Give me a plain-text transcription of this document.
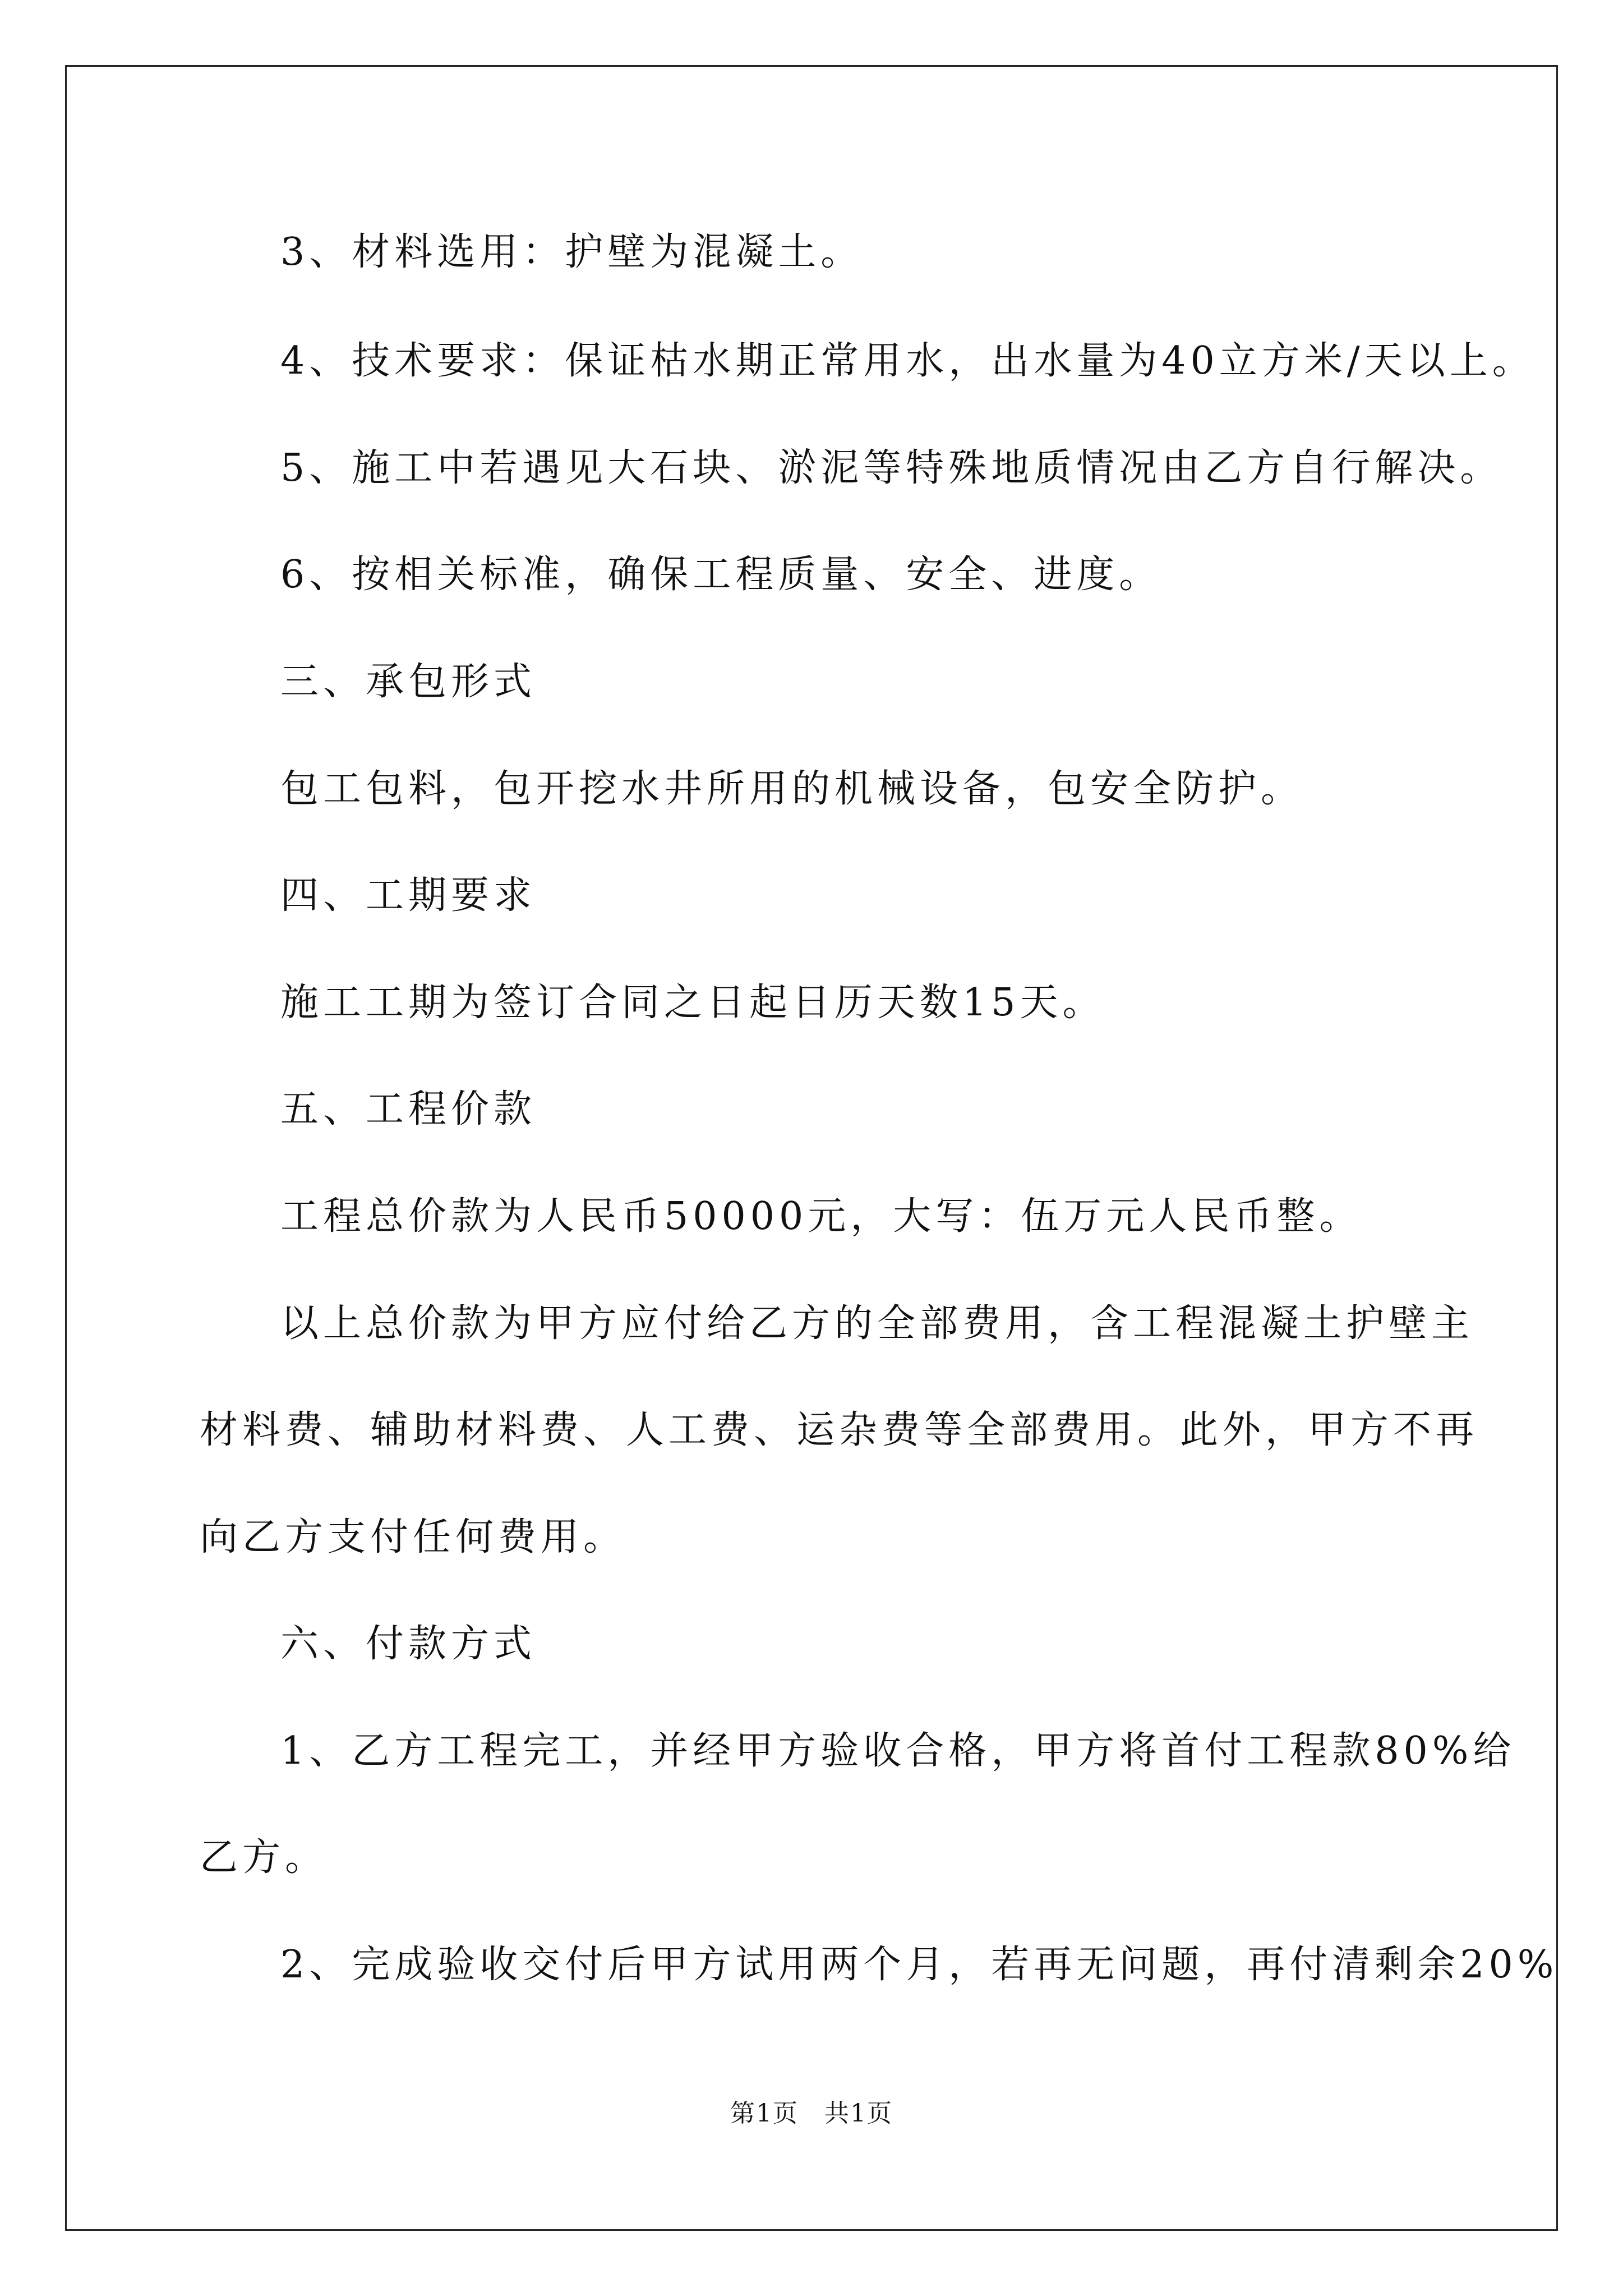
3、材料选用：护壁为混凝土。
4、技术要求：保证枯水期正常用水，出水量为40立方米/天以上。
5、施工中若遇见大石块、淤泥等特殊地质情况由乙方自行解决。
6、按相关标准，确保工程质量、安全、进度。
三、承包形式
包工包料，包开挖水井所用的机械设备，包安全防护。
四、工期要求
施工工期为签订合同之日起日历天数15天。
五、工程价款
工程总价款为人民币50000元，大写：伍万元人民币整。
以上总价款为甲方应付给乙方的全部费用，含工程混凝土护壁主
材料费、辅助材料费、人工费、运杂费等全部费用。此外，甲方不再
向乙方支付任何费用。
六、付款方式
1、乙方工程完工，并经甲方验收合格，甲方将首付工程款80%给
乙方。
2、完成验收交付后甲方试用两个月，若再无问题，再付清剩余20%
第1页　共1页
